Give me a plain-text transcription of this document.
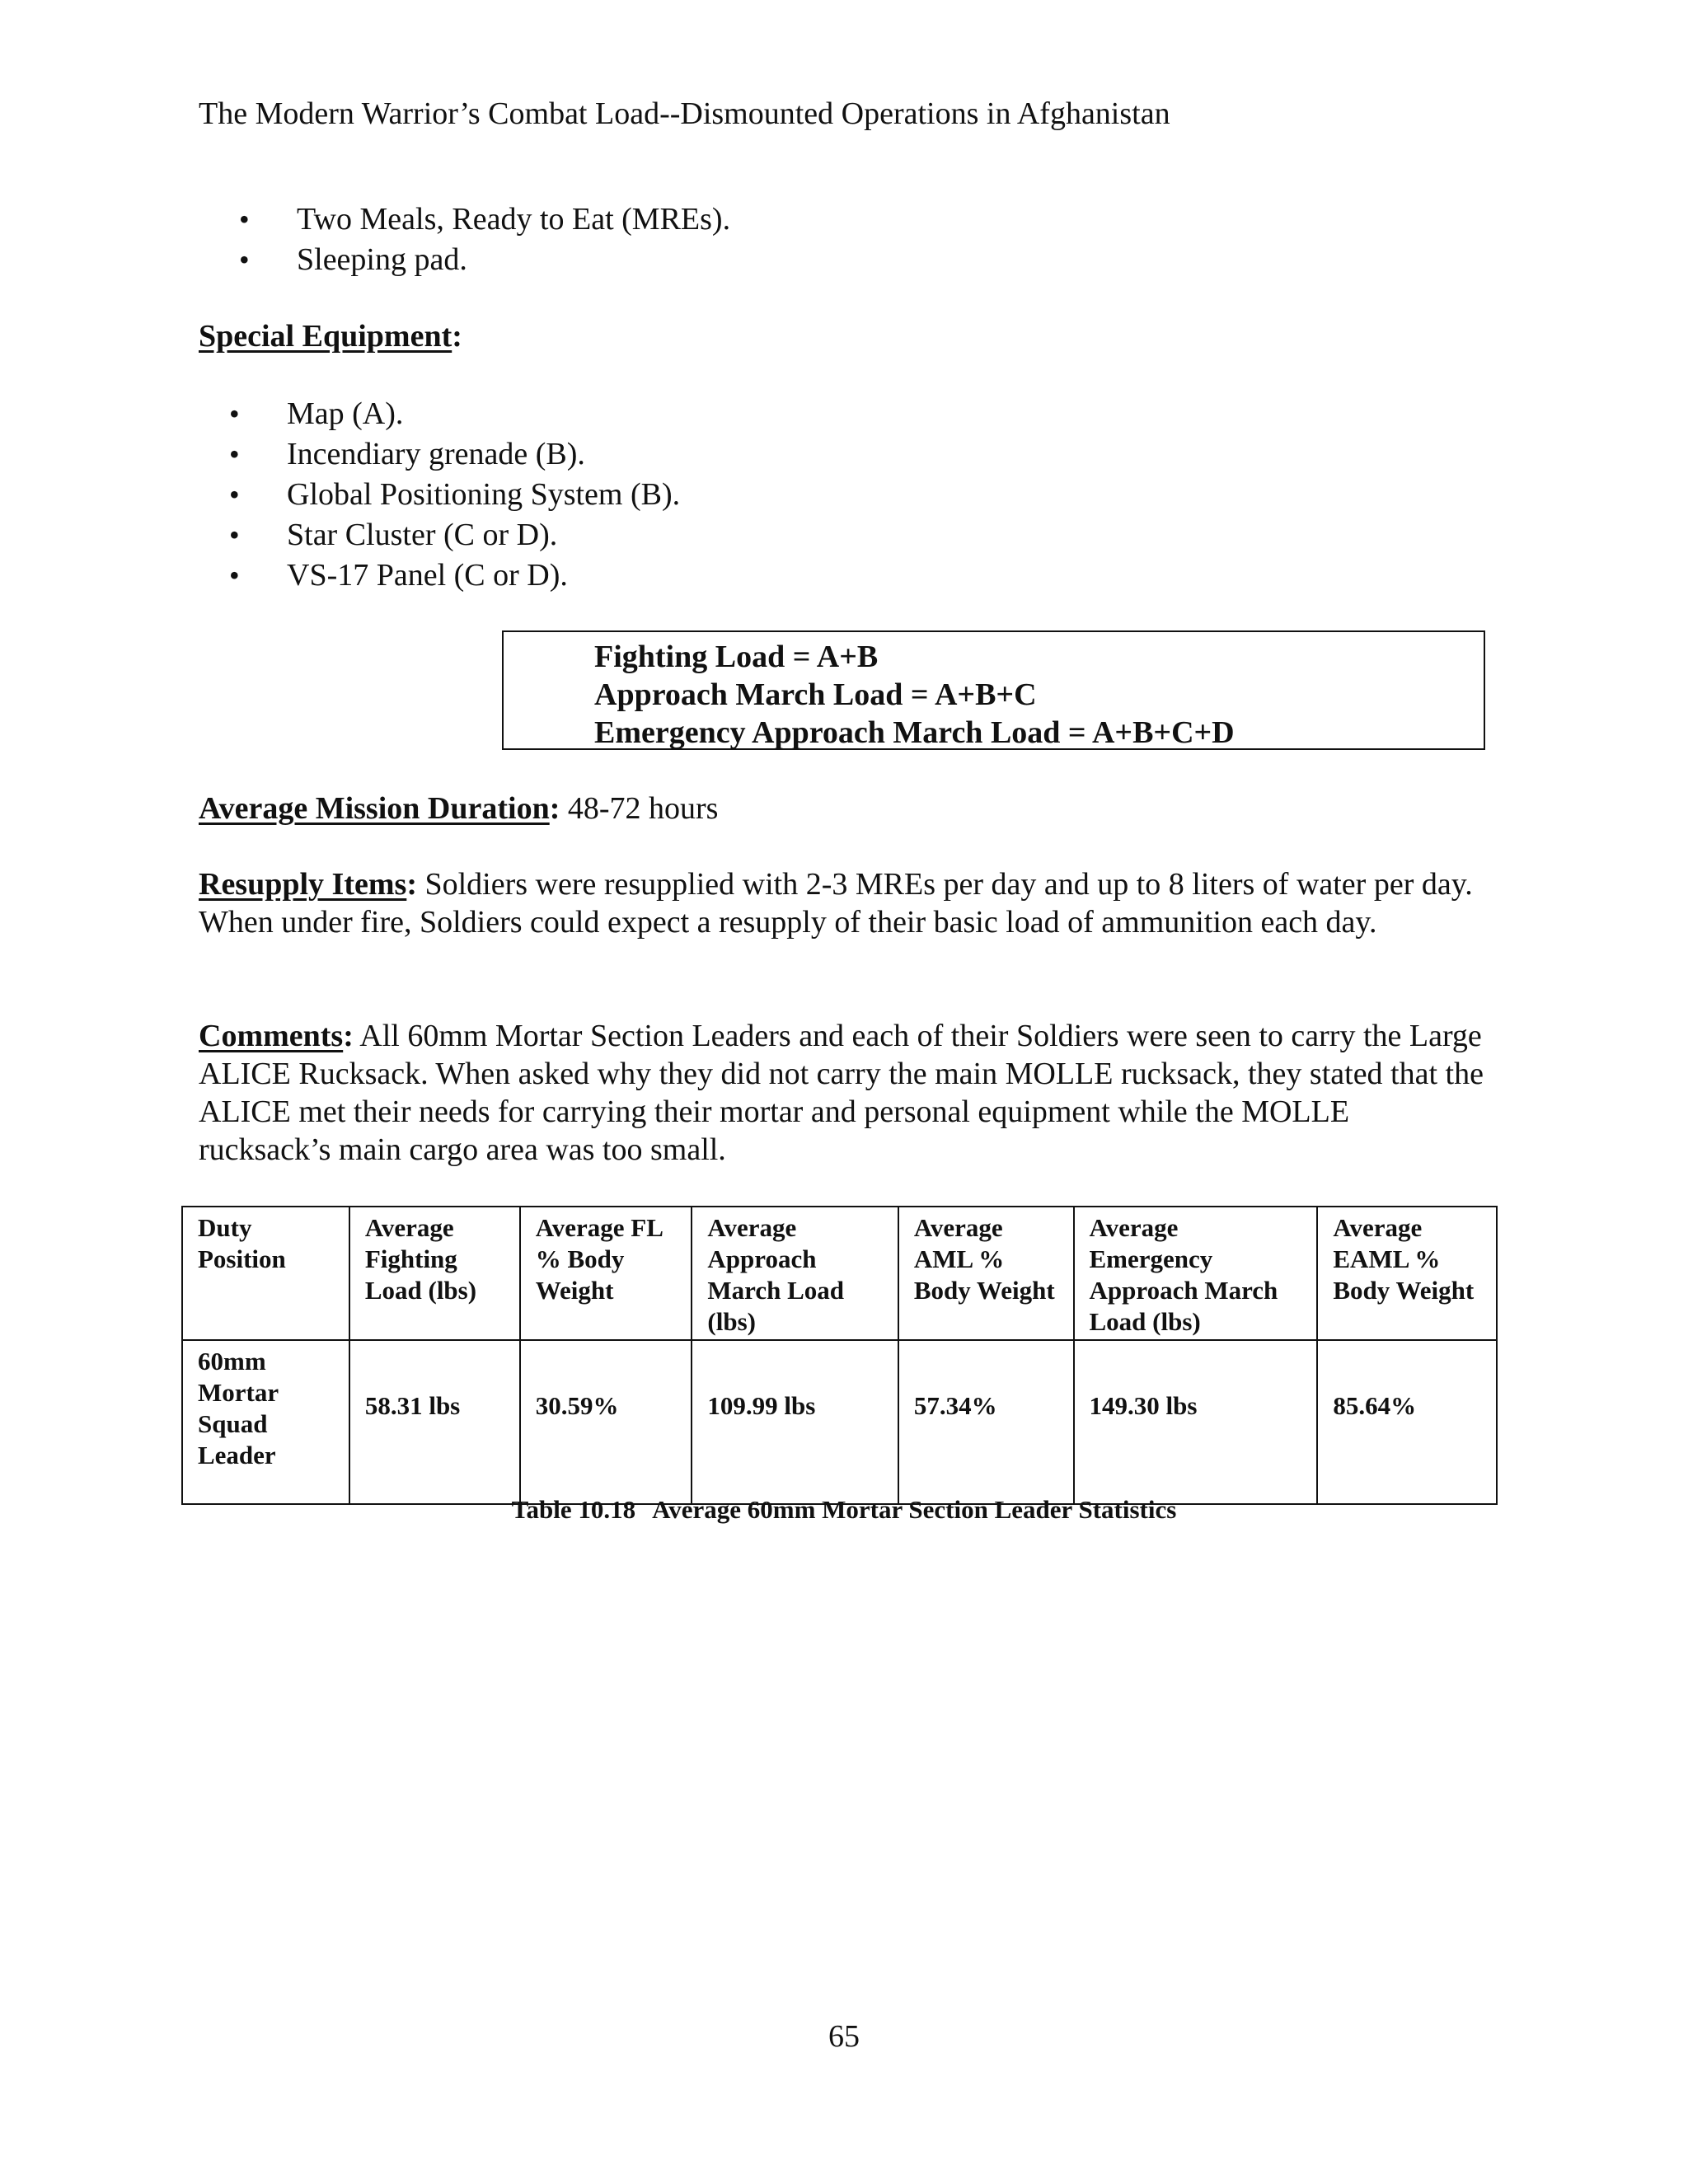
The Modern Warrior’s Combat Load--Dismounted Operations in Afghanistan
• Two Meals, Ready to Eat (MREs).
• Sleeping pad.
Special Equipment:
• Map (A).
• Incendiary grenade (B).
• Global Positioning System (B).
• Star Cluster (C or D).
• VS-17 Panel (C or D).
Fighting Load = A+B
Approach March Load = A+B+C
Emergency Approach March Load = A+B+C+D
Average Mission Duration: 48-72 hours
Resupply Items: Soldiers were resupplied with 2-3 MREs per day and up to 8 liters of water per day. When under fire, Soldiers could expect a resupply of their basic load of ammunition each day.
Comments: All 60mm Mortar Section Leaders and each of their Soldiers were seen to carry the Large ALICE Rucksack. When asked why they did not carry the main MOLLE rucksack, they stated that the ALICE met their needs for carrying their mortar and personal equipment while the MOLLE rucksack’s main cargo area was too small.
Duty Position	Average Fighting Load (lbs)	Average FL % Body Weight	Average Approach March Load (lbs)	Average AML % Body Weight	Average Emergency Approach March Load (lbs)	Average EAML % Body Weight
60mm Mortar Squad Leader	58.31 lbs	30.59%	109.99 lbs	57.34%	149.30 lbs	85.64%
Table 10.18 Average 60mm Mortar Section Leader Statistics
65
